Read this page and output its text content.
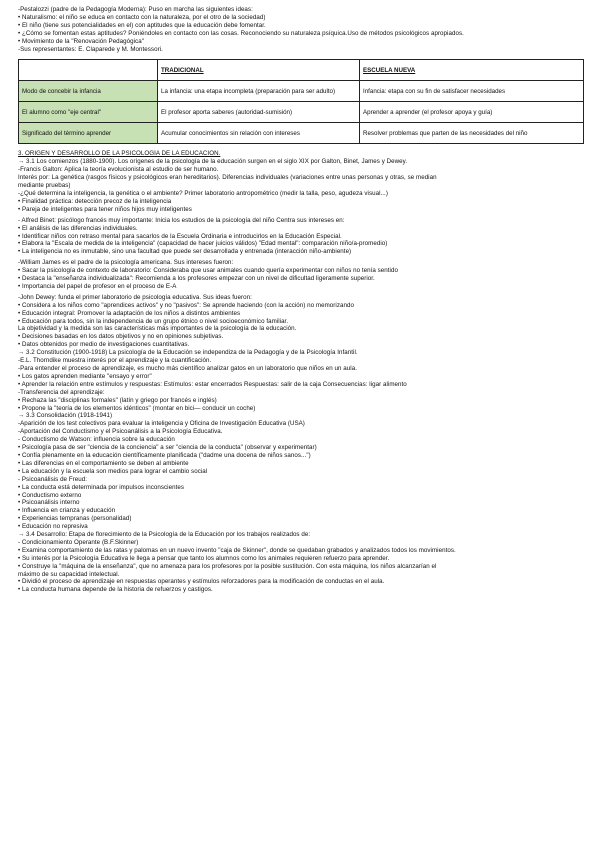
-Pestalozzi (padre de la Pedagogía Moderna): Puso en marcha las siguientes ideas:
• Naturalismo: el niño se educa en contacto con la naturaleza, por el otro de la sociedad)
• El niño (tiene sus potencialidades en el) con aptitudes que la educación debe fomentar.
• ¿Cómo se fomentan estas aptitudes? Poniéndoles en contacto con las cosas. Reconociendo su naturaleza psíquica.Uso de métodos psicológicos apropiados.
• Movimiento de la "Renovación Pedagógica"
-Sus representantes: E. Claparede y M. Montessori.
	TRADICIONAL	ESCUELA NUEVA
Modo de concebir la infancia	La infancia: una etapa incompleta (preparación para ser adulto)	Infancia: etapa con su fin de satisfacer necesidades
El alumno como "eje central"	El profesor aporta saberes (autoridad-sumisión)	Aprender a aprender (el profesor apoya y guía)
Significado del término aprender	Acumular conocimientos sin relación con intereses	Resolver problemas que parten de las necesidades del niño
3. ORIGEN Y DESARROLLO DE LA PSICOLOGÍA DE LA EDUCACIÓN.
→ 3.1 Los comienzos (1880-1900). Los orígenes de la psicología de la educación surgen en el siglo XIX por Galton, Binet, James y Dewey.
-Francis Galton: Aplica la teoría evolucionista al estudio de ser humano.
Interés por: La genética (rasgos físicos y psicológicos eran hereditarios). Diferencias individuales (variaciones entre unas personas y otras, se median
mediante pruebas)
-¿Qué determina la inteligencia, la genética o el ambiente? Primer laboratorio antropométrico (medir la talla, peso, agudeza visual...)
• Finalidad práctica: detección precoz de la inteligencia
• Pareja de inteligentes para tener niños hijos muy inteligentes
- Alfred Binet: psicólogo francés muy importante: Inicia los estudios de la psicología del niño Centra sus intereses en:
• El análisis de las diferencias individuales.
• Identificar niños con retraso mental para sacarlos de la Escuela Ordinaria e introducirlos en la Educación Especial.
• Elabora la "Escala de medida de la inteligencia" (capacidad de hacer juicios válidos) "Edad mental": comparación niño/a-promedio)
• La inteligencia no es inmutable, sino una facultad que puede ser desarrollada y entrenada (interacción niño-ambiente)
-William James es el padre de la psicología americana. Sus intereses fueron:
• Sacar la psicología de contexto de laboratorio: Consideraba que usar animales cuando quería experimentar con niños no tenía sentido
• Destaca la "enseñanza individualizada": Recomienda a los profesores empezar con un nivel de dificultad ligeramente superior.
• Importancia del papel de profesor en el proceso de E-A
-John Dewey: funda el primer laboratorio de psicología educativa. Sus ideas fueron:
• Considera a los niños como "aprendices activos" y no "pasivos": Se aprende haciendo (con la acción) no memorizando
• Educación integral: Promover la adaptación de los niños a distintos ambientes
• Educación para todos, sin la independencia de un grupo étnico o nivel socioeconómico familiar.
La objetividad y la medida son las características más importantes de la psicología de la educación.
• Decisiones basadas en los datos objetivos y no en opiniones subjetivas.
• Datos obtenidos por medio de investigaciones cuantitativas.
→ 3.2 Constitución (1900-1918) La psicología de la Educación se independiza de la Pedagogía y de la Psicología Infantil.
-E.L. Thorndike muestra interés por el aprendizaje y la cuantificación.
-Para entender el proceso de aprendizaje, es mucho más científico analizar gatos en un laboratorio que niños en un aula.
• Los gatos aprenden mediante "ensayo y error"
• Aprender la relación entre estímulos y respuestas: Estímulos: estar encerrados Respuestas: salir de la caja Consecuencias: ligar alimento
-Transferencia del aprendizaje:
• Rechaza las "disciplinas formales" (latín y griego por francés e inglés)
• Propone la "teoría de los elementos idénticos" (montar en bici— conducir un coche)
→ 3.3 Consolidación (1918-1941)
-Aparición de los test colectivos para evaluar la inteligencia y Oficina de Investigación Educativa (USA)
-Aportación del Conductismo y el Psicoanálisis a la Psicología Educativa.
- Conductismo de Watson: influencia sobre la educación
• Psicología pasa de ser "ciencia de la conciencia" a ser "ciencia de la conducta" (observar y experimentar)
• Confía plenamente en la educación científicamente planificada ("dadme una docena de niños sanos...")
• Las diferencias en el comportamiento se deben al ambiente
• La educación y la escuela son medios para lograr el cambio social
- Psicoanálisis de Freud:
• La conducta está determinada por impulsos inconscientes
• Conductismo externo
• Psicoanálisis interno
• Influencia en crianza y educación
• Experiencias tempranas (personalidad)
• Educación no represiva
→ 3.4 Desarrollo: Etapa de florecimiento de la Psicología de la Educación por los trabajos realizados de:
- Condicionamiento Operante (B.F.Skinner)
• Examina comportamiento de las ratas y palomas en un nuevo invento "caja de Skinner", donde se quedaban grabados y analizados todos los movimientos.
• Su interés por la Psicología Educativa le llega a pensar que tanto los alumnos como los animales requieren refuerzo para aprender.
• Construye la "máquina de la enseñanza", que no amenaza para los profesores por la posible sustitución. Con esta máquina, los niños alcanzarían el
máximo de su capacidad intelectual.
• Dividió el proceso de aprendizaje en respuestas operantes y estímulos reforzadores para la modificación de conductas en el aula.
• La conducta humana depende de la historia de refuerzos y castigos.
